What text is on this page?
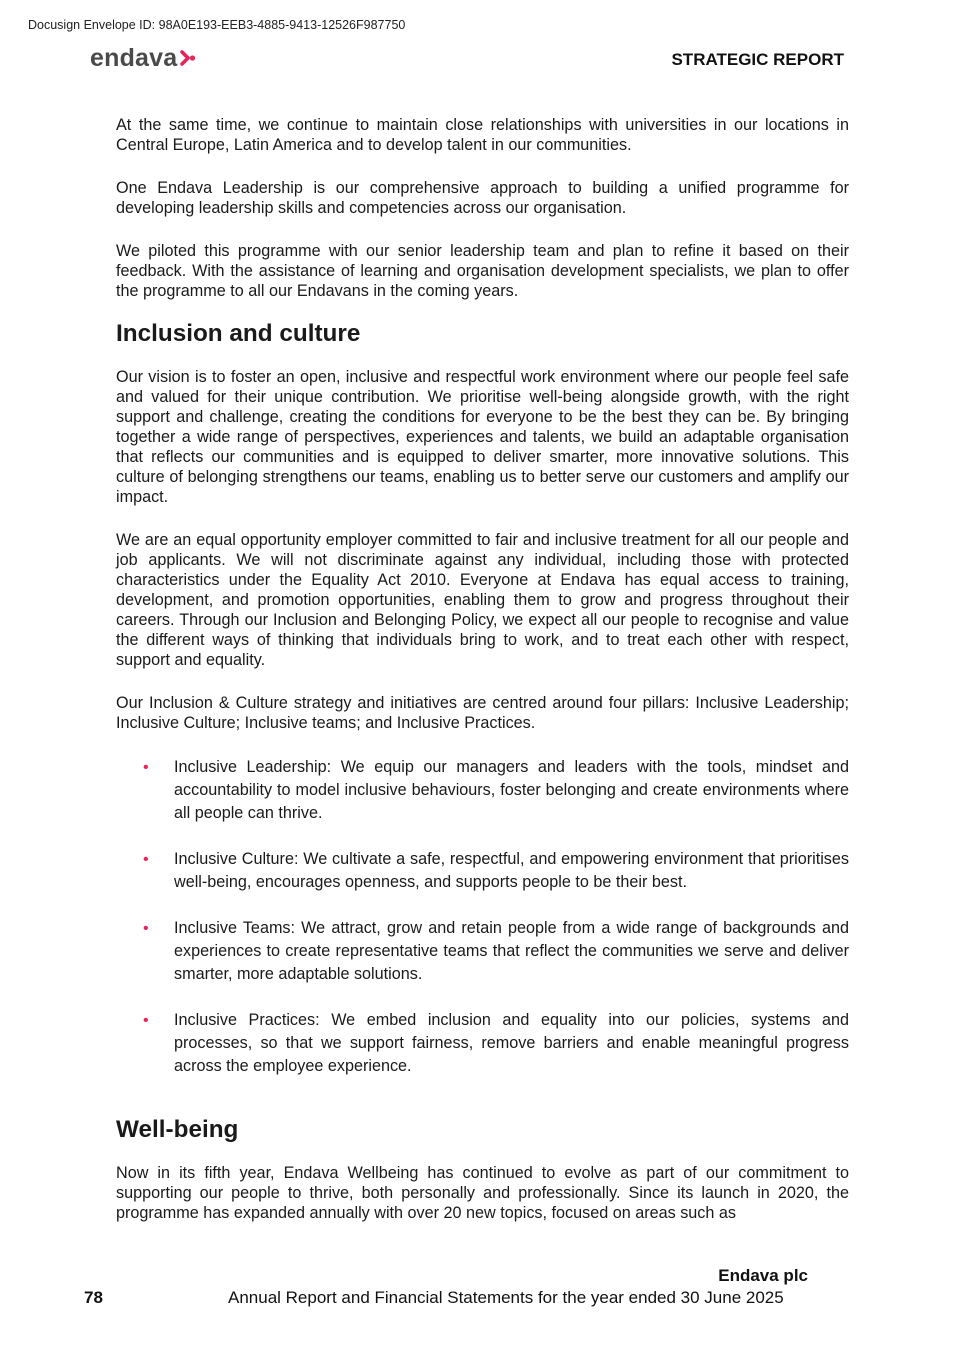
Docusign Envelope ID: 98A0E193-EEB3-4885-9413-12526F987750
endava	STRATEGIC REPORT

At the same time, we continue to maintain close relationships with universities in our locations in Central Europe, Latin America and to develop talent in our communities.

One Endava Leadership is our comprehensive approach to building a unified programme for developing leadership skills and competencies across our organisation.

We piloted this programme with our senior leadership team and plan to refine it based on their feedback. With the assistance of learning and organisation development specialists, we plan to offer the programme to all our Endavans in the coming years.

Inclusion and culture

Our vision is to foster an open, inclusive and respectful work environment where our people feel safe and valued for their unique contribution. We prioritise well-being alongside growth, with the right support and challenge, creating the conditions for everyone to be the best they can be. By bringing together a wide range of perspectives, experiences and talents, we build an adaptable organisation that reflects our communities and is equipped to deliver smarter, more innovative solutions. This culture of belonging strengthens our teams, enabling us to better serve our customers and amplify our impact.

We are an equal opportunity employer committed to fair and inclusive treatment for all our people and job applicants. We will not discriminate against any individual, including those with protected characteristics under the Equality Act 2010. Everyone at Endava has equal access to training, development, and promotion opportunities, enabling them to grow and progress throughout their careers. Through our Inclusion and Belonging Policy, we expect all our people to recognise and value the different ways of thinking that individuals bring to work, and to treat each other with respect, support and equality.

Our Inclusion & Culture strategy and initiatives are centred around four pillars: Inclusive Leadership; Inclusive Culture; Inclusive teams; and Inclusive Practices.

• Inclusive Leadership: We equip our managers and leaders with the tools, mindset and accountability to model inclusive behaviours, foster belonging and create environments where all people can thrive.
• Inclusive Culture: We cultivate a safe, respectful, and empowering environment that prioritises well-being, encourages openness, and supports people to be their best.
• Inclusive Teams: We attract, grow and retain people from a wide range of backgrounds and experiences to create representative teams that reflect the communities we serve and deliver smarter, more adaptable solutions.
• Inclusive Practices: We embed inclusion and equality into our policies, systems and processes, so that we support fairness, remove barriers and enable meaningful progress across the employee experience.
Well-being

Now in its fifth year, Endava Wellbeing has continued to evolve as part of our commitment to supporting our people to thrive, both personally and professionally. Since its launch in 2020, the programme has expanded annually with over 20 new topics, focused on areas such as

Endava plc
78	Annual Report and Financial Statements for the year ended 30 June 2025
